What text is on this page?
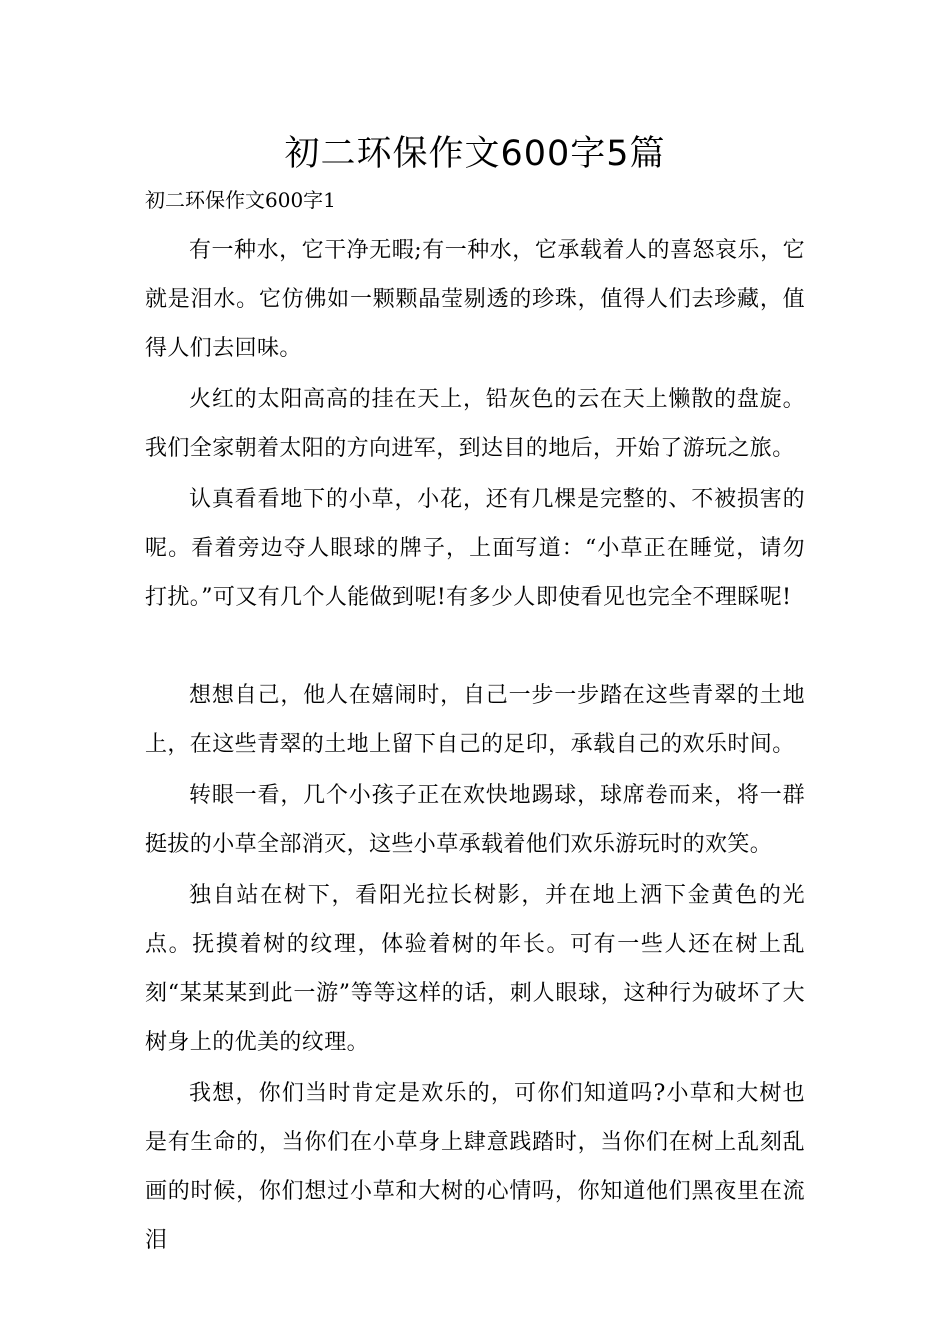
初二环保作文600字5篇

初二环保作文600字1

有一种水，它干净无暇;有一种水，它承载着人的喜怒哀乐，它就是泪水。它仿佛如一颗颗晶莹剔透的珍珠，值得人们去珍藏，值得人们去回味。

火红的太阳高高的挂在天上，铅灰色的云在天上懒散的盘旋。我们全家朝着太阳的方向进军，到达目的地后，开始了游玩之旅。

认真看看地下的小草，小花，还有几棵是完整的、不被损害的呢。看着旁边夺人眼球的牌子，上面写道：“小草正在睡觉，请勿打扰。”可又有几个人能做到呢!有多少人即使看见也完全不理睬呢!

想想自己，他人在嬉闹时，自己一步一步踏在这些青翠的土地上，在这些青翠的土地上留下自己的足印，承载自己的欢乐时间。

转眼一看，几个小孩子正在欢快地踢球，球席卷而来，将一群挺拔的小草全部消灭，这些小草承载着他们欢乐游玩时的欢笑。

独自站在树下，看阳光拉长树影，并在地上洒下金黄色的光点。抚摸着树的纹理，体验着树的年长。可有一些人还在树上乱刻“某某某到此一游”等等这样的话，刺人眼球，这种行为破坏了大树身上的优美的纹理。

我想，你们当时肯定是欢乐的，可你们知道吗?小草和大树也是有生命的，当你们在小草身上肆意践踏时，当你们在树上乱刻乱画的时候，你们想过小草和大树的心情吗，你知道他们黑夜里在流泪
